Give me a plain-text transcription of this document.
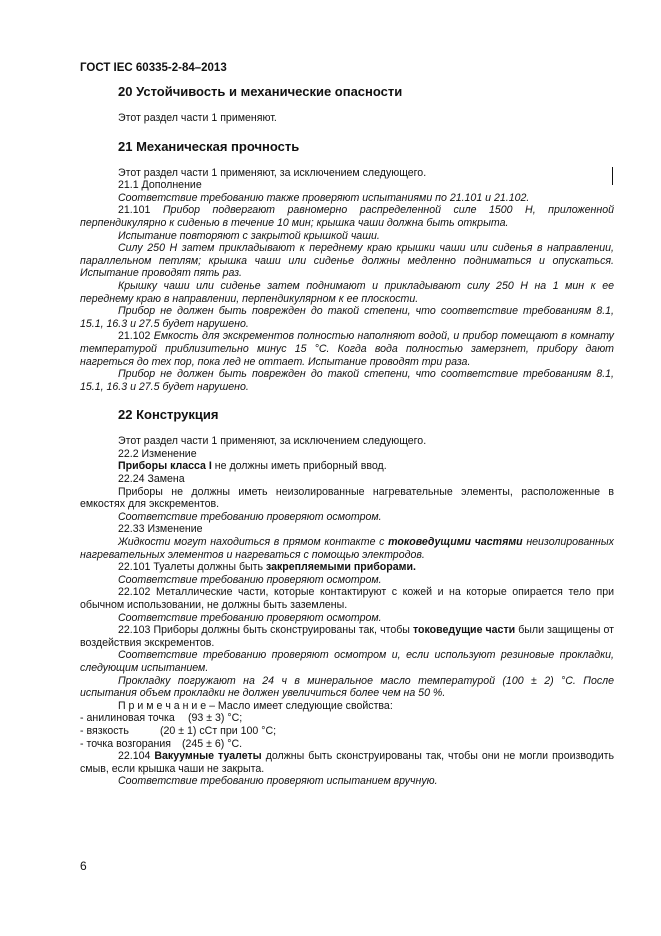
ГОСТ IEC 60335-2-84–2013
20 Устойчивость и механические опасности

Этот раздел части 1 применяют.

21 Механическая прочность

Этот раздел части 1 применяют, за исключением следующего.

21.1 Дополнение

Соответствие требованию также проверяют испытаниями по 21.101 и 21.102.

21.101 Прибор подвергают равномерно распределенной силе 1500 Н, приложенной перпендикулярно к сиденью в течение 10 мин; крышка чаши должна быть открыта.

Испытание повторяют с закрытой крышкой чаши.

Силу 250 Н затем прикладывают к переднему краю крышки чаши или сиденья в направлении, параллельном петлям; крышка чаши или сиденье должны медленно подниматься и опускаться. Испытание проводят пять раз.

Крышку чаши или сиденье затем поднимают и прикладывают силу 250 Н на 1 мин к ее переднему краю в направлении, перпендикулярном к ее плоскости.

Прибор не должен быть поврежден до такой степени, что соответствие требованиям 8.1, 15.1, 16.3 и 27.5 будет нарушено.

21.102 Емкость для экскрементов полностью наполняют водой, и прибор помещают в комнату температурой приблизительно минус 15 °С. Когда вода полностью замерзнет, прибору дают нагреться до тех пор, пока лед не оттает. Испытание проводят три раза.

Прибор не должен быть поврежден до такой степени, что соответствие требованиям 8.1, 15.1, 16.3 и 27.5 будет нарушено.

22 Конструкция

Этот раздел части 1 применяют, за исключением следующего.

22.2 Изменение

Приборы класса I не должны иметь приборный ввод.

22.24 Замена

Приборы не должны иметь неизолированные нагревательные элементы, расположенные в емкостях для экскрементов.

Соответствие требованию проверяют осмотром.

22.33 Изменение

Жидкости могут находиться в прямом контакте с токоведущими частями неизолированных нагревательных элементов и нагреваться с помощью электродов.

22.101 Туалеты должны быть закрепляемыми приборами.

Соответствие требованию проверяют осмотром.

22.102 Металлические части, которые контактируют с кожей и на которые опирается тело при обычном использовании, не должны быть заземлены.

Соответствие требованию проверяют осмотром.

22.103 Приборы должны быть сконструированы так, чтобы токоведущие части были защищены от воздействия экскрементов.

Соответствие требованию проверяют осмотром и, если используют резиновые прокладки, следующим испытанием.

Прокладку погружают на 24 ч в минеральное масло температурой (100 ± 2) °С. После испытания объем прокладки не должен увеличиться более чем на 50 %.

П р и м е ч а н и е – Масло имеет следующие свойства:

- анилиновая точка (93 ± 3) °С;

- вязкость	(20 ± 1) сСт при 100 °С;

- точка возгорания (245 ± 6) °С.

22.104 Вакуумные туалеты должны быть сконструированы так, чтобы они не могли производить смыв, если крышка чаши не закрыта.

Соответствие требованию проверяют испытанием вручную.

6
